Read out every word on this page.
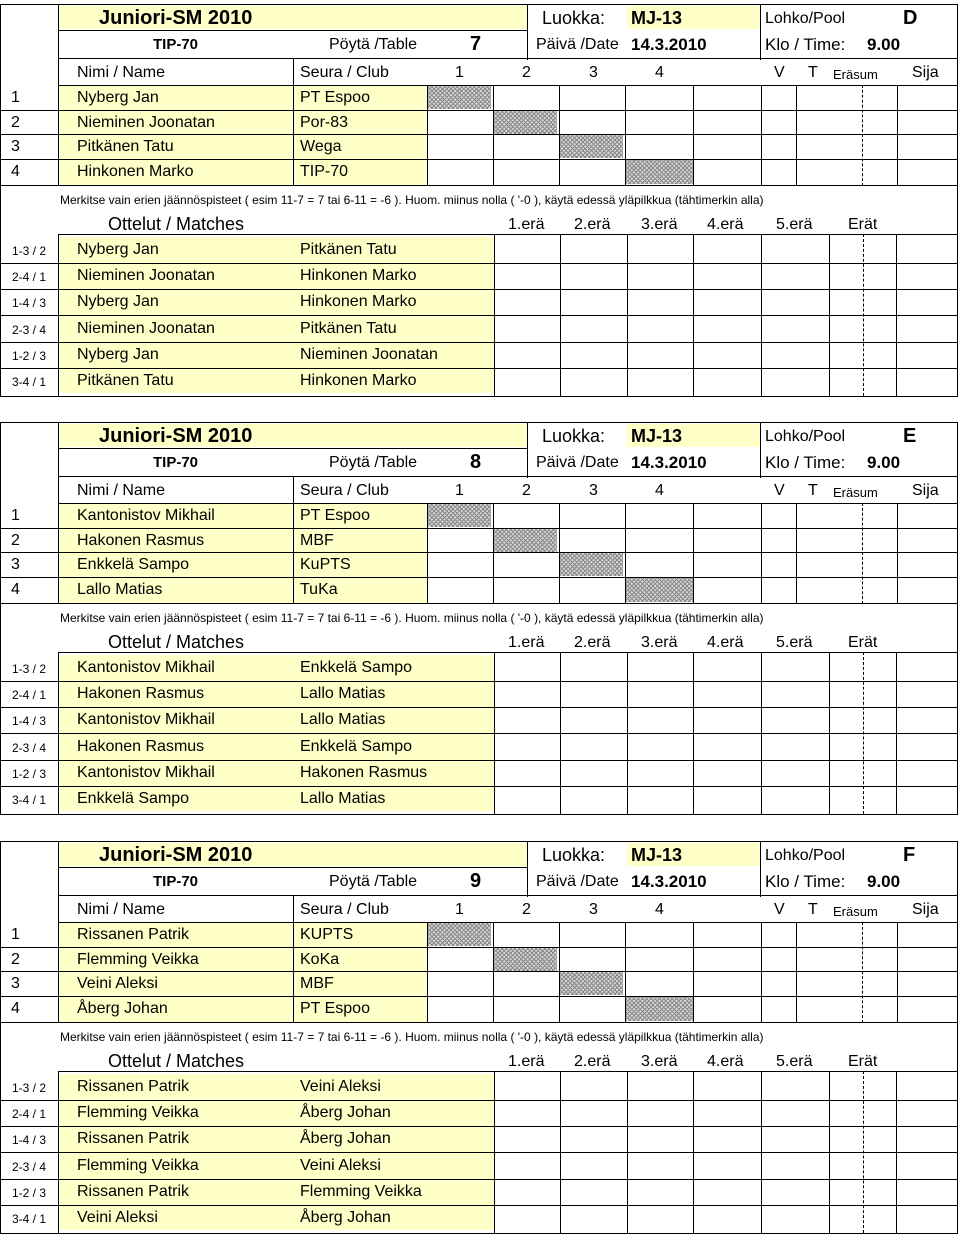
Juniori-SM 2010	Luokka: MJ-13	Lohko/Pool	D
TIP-70	Pöytä /Table	7	Päivä /Date 14.3.2010	Klo / Time: 9.00
Nimi / Name	Seura / Club	1	2	3	4	V T Eräsum Sija
1	Nyberg Jan	PT Espoo
2	Nieminen Joonatan	Por-83
3	Pitkänen Tatu	Wega
4	Hinkonen Marko	TIP-70
Merkitse vain erien jäännöspisteet ( esim 11-7 = 7 tai 6-11 = -6 ). Huom. miinus nolla ( '-0 ), käytä edessä yläpilkkua (tähtimerkin alla)
Ottelut / Matches	1.erä 2.erä 3.erä 4.erä 5.erä Erät
1-3 / 2 Nyberg Jan	Pitkänen Tatu
2-4 / 1 Nieminen Joonatan	Hinkonen Marko
1-4 / 3 Nyberg Jan	Hinkonen Marko
2-3 / 4 Nieminen Joonatan	Pitkänen Tatu
1-2 / 3 Nyberg Jan	Nieminen Joonatan
3-4 / 1 Pitkänen Tatu	Hinkonen Marko
Juniori-SM 2010	Luokka: MJ-13	Lohko/Pool	E
TIP-70	Pöytä /Table	8	Päivä /Date 14.3.2010	Klo / Time: 9.00
Nimi / Name	Seura / Club	1	2	3	4	V T Eräsum Sija
1	Kantonistov Mikhail	PT Espoo
2	Hakonen Rasmus	MBF
3	Enkkelä Sampo	KuPTS
4	Lallo Matias	TuKa
Merkitse vain erien jäännöspisteet ( esim 11-7 = 7 tai 6-11 = -6 ). Huom. miinus nolla ( '-0 ), käytä edessä yläpilkkua (tähtimerkin alla)
Ottelut / Matches	1.erä 2.erä 3.erä 4.erä 5.erä Erät
1-3 / 2 Kantonistov Mikhail	Enkkelä Sampo
2-4 / 1 Hakonen Rasmus	Lallo Matias
1-4 / 3 Kantonistov Mikhail	Lallo Matias
2-3 / 4 Hakonen Rasmus	Enkkelä Sampo
1-2 / 3 Kantonistov Mikhail	Hakonen Rasmus
3-4 / 1 Enkkelä Sampo	Lallo Matias
Juniori-SM 2010	Luokka: MJ-13	Lohko/Pool	F
TIP-70	Pöytä /Table	9	Päivä /Date 14.3.2010	Klo / Time: 9.00
Nimi / Name	Seura / Club	1	2	3	4	V T Eräsum Sija
1	Rissanen Patrik	KUPTS
2	Flemming Veikka	KoKa
3	Veini Aleksi	MBF
4	Åberg Johan	PT Espoo
Merkitse vain erien jäännöspisteet ( esim 11-7 = 7 tai 6-11 = -6 ). Huom. miinus nolla ( '-0 ), käytä edessä yläpilkkua (tähtimerkin alla)
Ottelut / Matches	1.erä 2.erä 3.erä 4.erä 5.erä Erät
1-3 / 2 Rissanen Patrik	Veini Aleksi
2-4 / 1 Flemming Veikka	Åberg Johan
1-4 / 3 Rissanen Patrik	Åberg Johan
2-3 / 4 Flemming Veikka	Veini Aleksi
1-2 / 3 Rissanen Patrik	Flemming Veikka
3-4 / 1 Veini Aleksi	Åberg Johan
